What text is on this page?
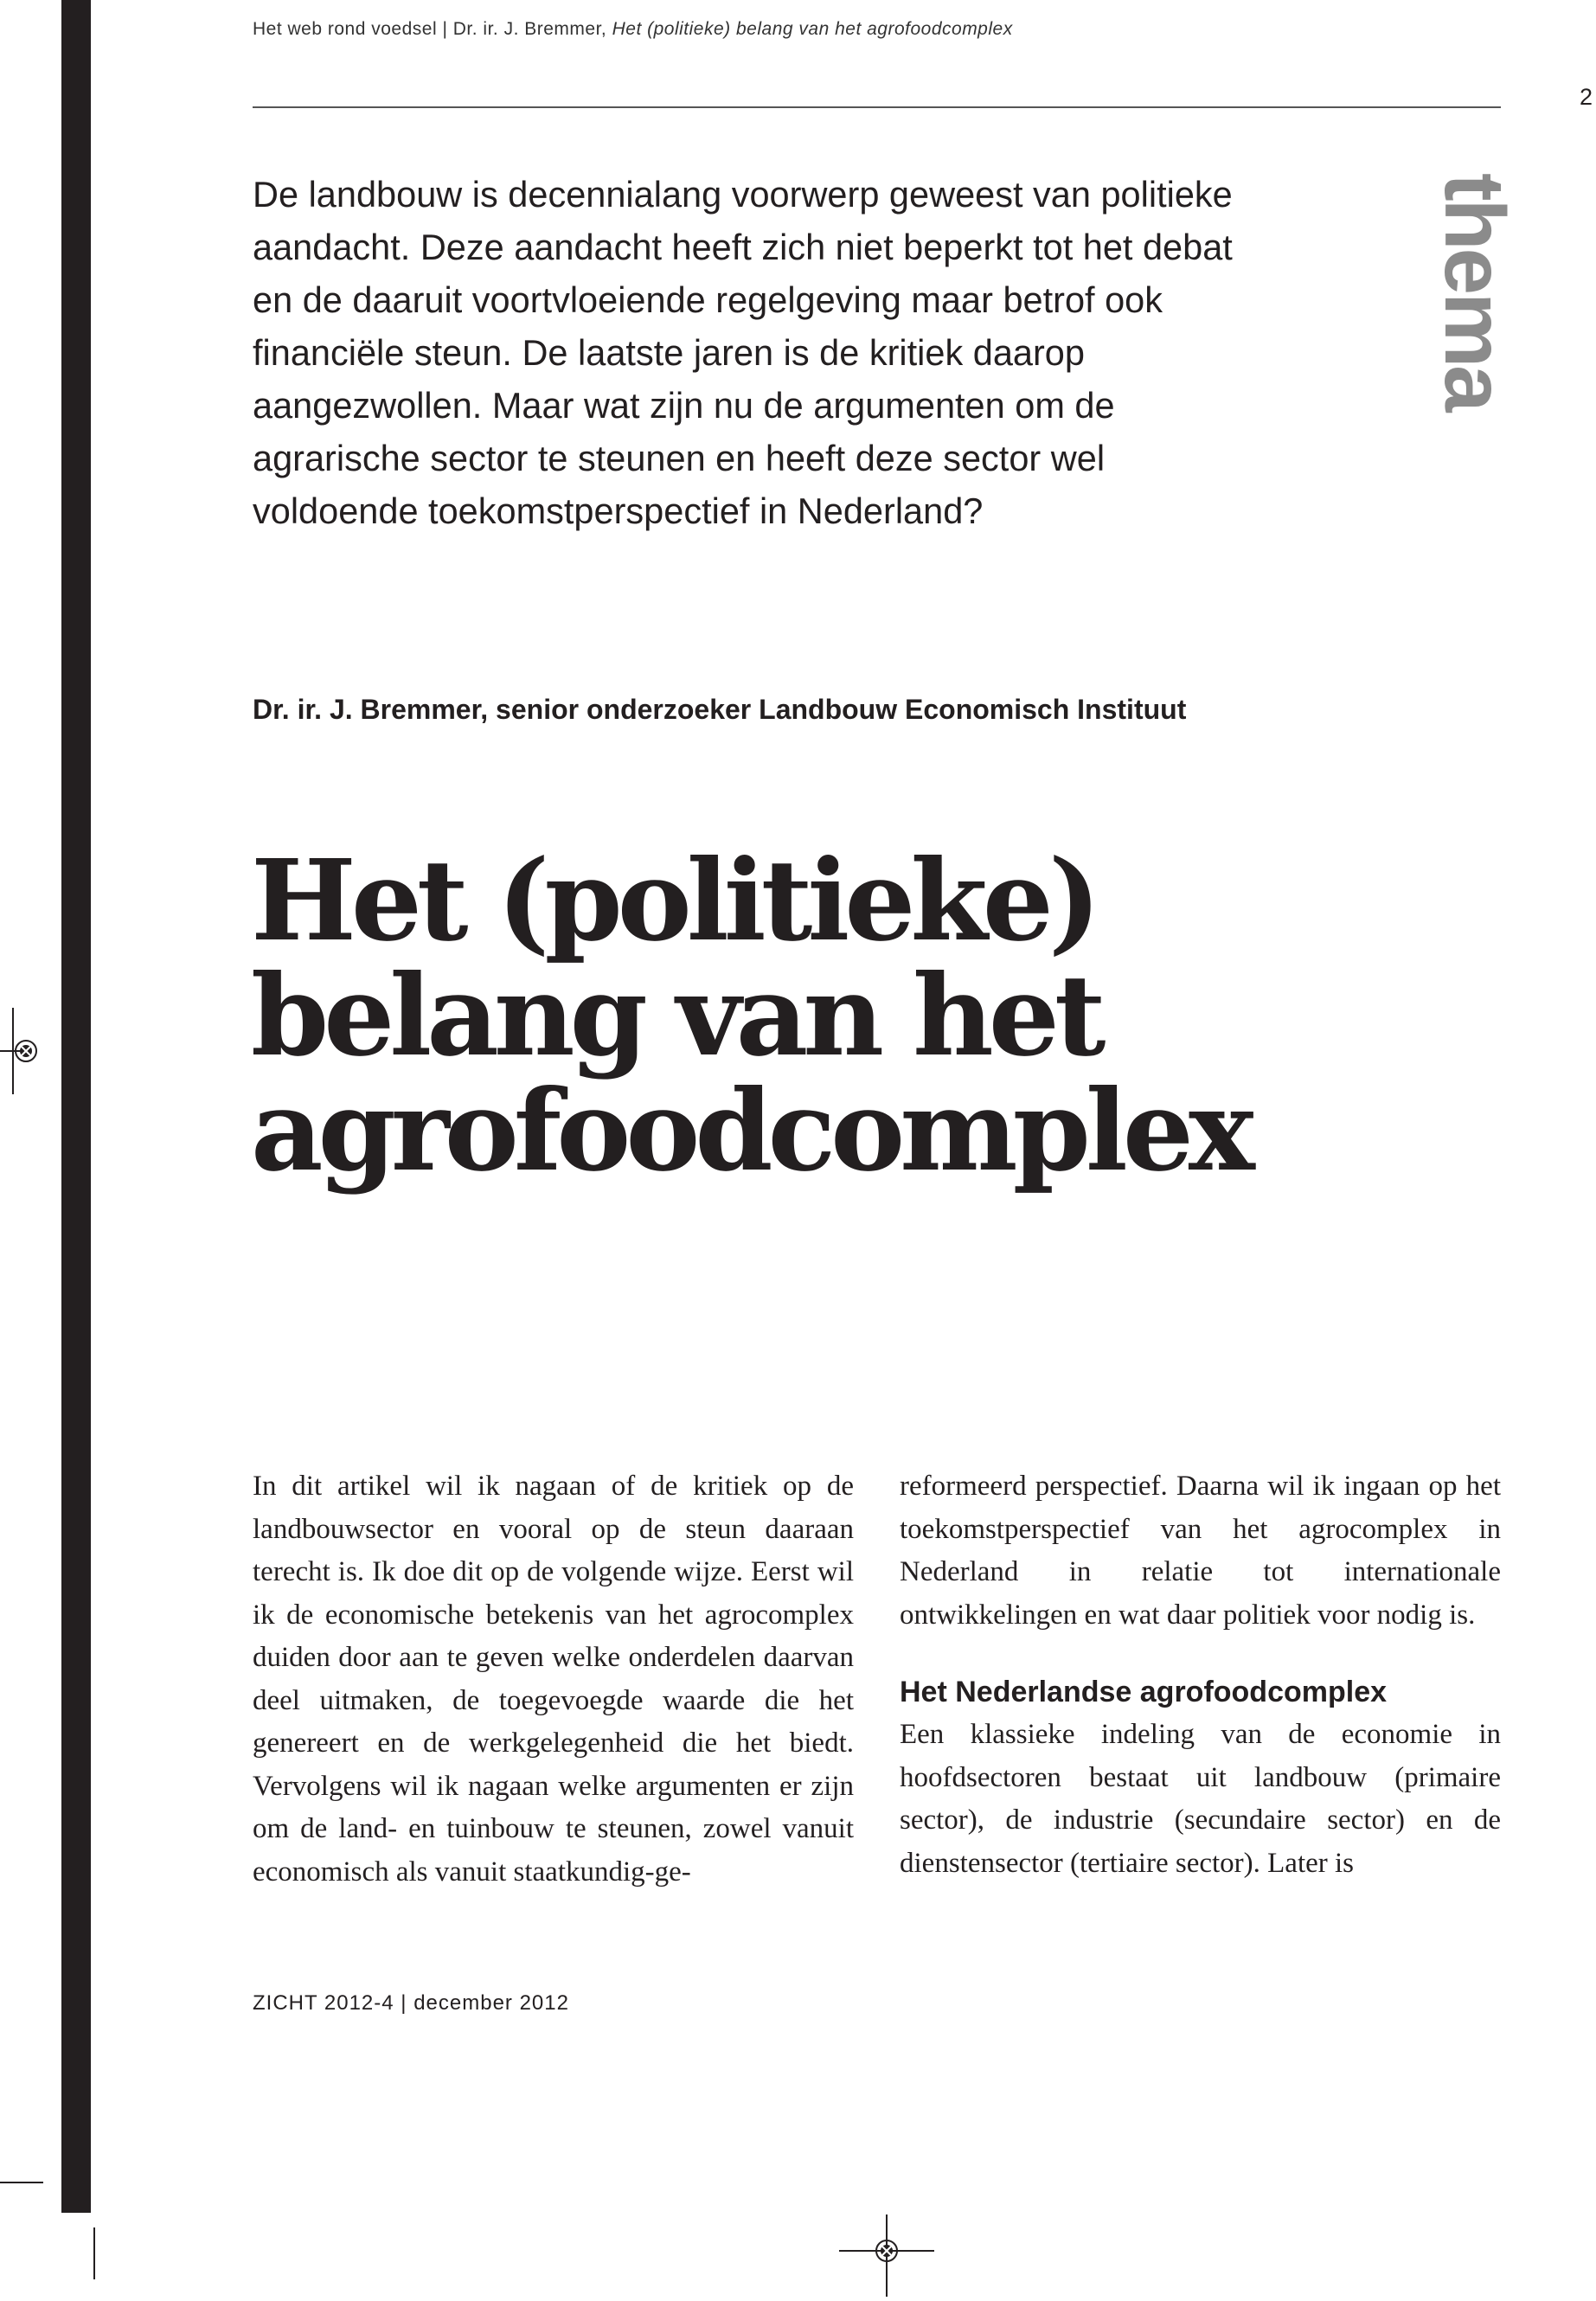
Het web rond voedsel | Dr. ir. J. Bremmer, Het (politieke) belang van het agrofoodcomplex
2
thema

De landbouw is decennialang voorwerp geweest van politieke aandacht. Deze aandacht heeft zich niet beperkt tot het debat en de daaruit voortvloeiende regelgeving maar betrof ook financiële steun. De laatste jaren is de kritiek daarop aangezwollen. Maar wat zijn nu de argumenten om de agrarische sector te steunen en heeft deze sector wel voldoende toekomstperspectief in Nederland?

Dr. ir. J. Bremmer, senior onderzoeker Landbouw Economisch Instituut
Het (politieke)
belang van het
agrofoodcomplex

In dit artikel wil ik nagaan of de kritiek op de landbouwsector en vooral op de steun daaraan terecht is. Ik doe dit op de volgende wijze. Eerst wil ik de economische betekenis van het agrocomplex duiden door aan te geven welke onderdelen daarvan deel uitmaken, de toegevoegde waarde die het genereert en de werkgelegenheid die het biedt. Vervolgens wil ik nagaan welke argumenten er zijn om de land- en tuinbouw te steunen, zowel vanuit economisch als vanuit staatkundig-ge-

reformeerd perspectief. Daarna wil ik ingaan op het toekomstperspectief van het agrocomplex in Nederland in relatie tot internationale ontwikkelingen en wat daar politiek voor nodig is.

Het Nederlandse agrofoodcomplex

Een klassieke indeling van de economie in hoofdsectoren bestaat uit landbouw (primaire sector), de industrie (secundaire sector) en de dienstensector (tertiaire sector). Later is

ZICHT 2012-4 | december 2012
